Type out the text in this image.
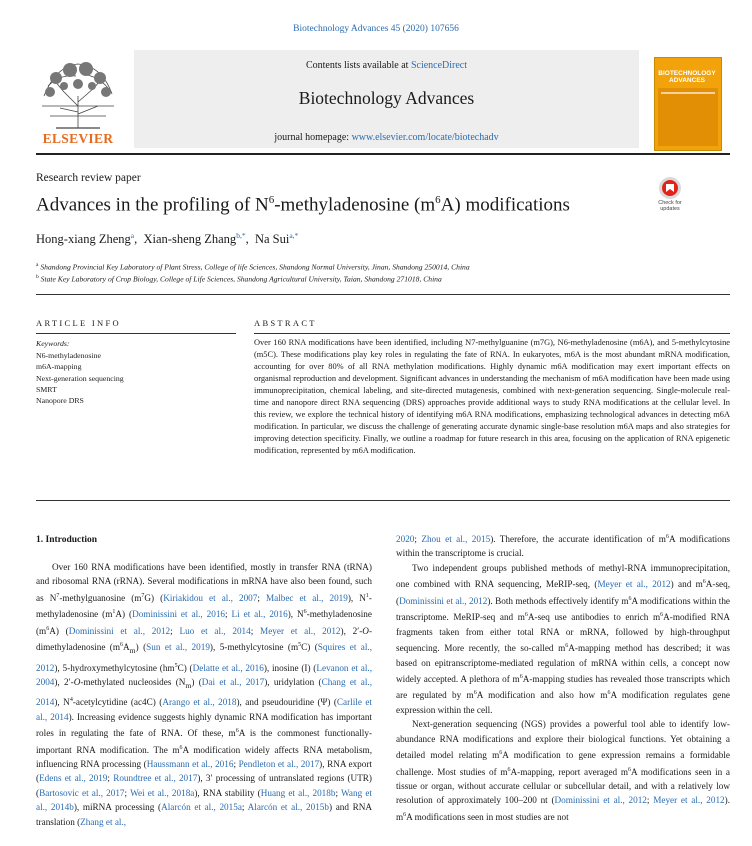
Biotechnology Advances 45 (2020) 107656
ELSEVIER
Contents lists available at ScienceDirect
Biotechnology Advances
journal homepage: www.elsevier.com/locate/biotechadv
BIOTECHNOLOGY ADVANCES
Research review paper
Advances in the profiling of $N^6$-methyladenosine $(m^6A)$ modifications	Check for updates
Hong-xiang Zheng$^a$,  Xian-sheng Zhang$^{b,*}$,  Na Sui$^{a,*}$
$^a$ Shandong Provincial Key Laboratory of Plant Stress, College of life Sciences, Shandong Normal University, Jinan, Shandong 250014, China
$^b$ State Key Laboratory of Crop Biology, College of Life Sciences, Shandong Agricultural University, Taian, Shandong 271018, China
ARTICLE INFO	ABSTRACT
Keywords:
N6-methyladenosine
m6A-mapping
Next-generation sequencing
SMRT
Nanopore DRS
Over 160 RNA modifications have been identified, including N7-methylguanine (m7G), N6-methyladenosine (m6A), and 5-methylcytosine (m5C). These modifications play key roles in regulating the fate of RNA. In eukaryotes, m6A is the most abundant mRNA modification, accounting for over 80% of all RNA methylation modifications. Highly dynamic m6A modification may exert important effects on organismal reproduction and development. Significant advances in understanding the mechanism of m6A modification have been made using immunoprecipitation, chemical labeling, and site-directed mutagenesis, combined with next-generation sequencing. Single-molecule real-time and nanopore direct RNA sequencing (DRS) approaches provide additional ways to study RNA modifications at the cellular level. In this review, we explore the technical history of identifying m6A RNA modifications, emphasizing technological advances in detecting m6A modification. In particular, we discuss the challenge of generating accurate dynamic single-base resolution m6A maps and also strategies for improving detection specificity. Finally, we outline a roadmap for future research in this area, focusing on the application of RNA epigenetic modification, represented by m6A modification.
1. Introduction

Over 160 RNA modifications have been identified, mostly in transfer RNA (tRNA) and ribosomal RNA (rRNA). Several modifications in mRNA have also been found, such as $N^7$-methylguanosine $(m^7G)$ (Kiriakidou et al., 2007; Malbec et al., 2019), $N^1$-methyladenosine $(m^1A)$ (Dominissini et al., 2016; Li et al., 2016), $N^6$-methyladenosine $(m^6A)$ (Dominissini et al., 2012; Luo et al., 2014; Meyer et al., 2012), 2′-O-dimethyladenosine $(m^6A_m)$ (Sun et al., 2019), 5-methylcytosine $(m^5C)$ (Squires et al., 2012), 5-hydroxymethylcytosine $(hm^5C)$ (Delatte et al., 2016), inosine (I) (Levanon et al., 2004), 2′-O-methylated nucleosides $(N_m)$ (Dai et al., 2017), uridylation (Chang et al., 2014), $N^4$-acetylcytidine (ac4C) (Arango et al., 2018), and pseudouridine (Ψ) (Carlile et al., 2014). Increasing evidence suggests highly dynamic RNA modification has important roles in regulating the fate of RNA. Of these, $m^6A$ is the commonest functionally-important RNA modification. The $m^6A$ modification widely affects RNA metabolism, influencing RNA processing (Haussmann et al., 2016; Pendleton et al., 2017), RNA export (Edens et al., 2019; Roundtree et al., 2017), 3′ processing of untranslated regions (UTR) (Bartosovic et al., 2017; Wei et al., 2018a), RNA stability (Huang et al., 2018b; Wang et al., 2014b), miRNA processing (Alarcón et al., 2015a; Alarcón et al., 2015b) and RNA translation (Zhang et al.,

2020; Zhou et al., 2015). Therefore, the accurate identification of $m^6A$ modifications within the transcriptome is crucial.

Two independent groups published methods of methyl-RNA immunoprecipitation, one combined with RNA sequencing, MeRIP-seq, (Meyer et al., 2012) and $m^6A$-seq, (Dominissini et al., 2012). Both methods effectively identify $m^6A$ modifications within the transcriptome. MeRIP-seq and $m^6A$-seq use antibodies to enrich $m^6A$-modified RNA fragments taken from either total RNA or mRNA, followed by high-throughput sequencing. More recently, the so-called $m^6A$-mapping method has described; it was based on epitranscriptome-mediated regulation of mRNA within cells, a concept now widely accepted. A plethora of $m^6A$-mapping studies has revealed those transcripts which are regulated by $m^6A$ modification and also how $m^6A$ modification regulates gene expression within the cell.

Next-generation sequencing (NGS) provides a powerful tool able to identify low-abundance RNA modifications and explore their biological functions. Yet obtaining a detailed model relating $m^6A$ modification to gene expression remains a formidable challenge. Most studies of $m^6A$-mapping, report averaged $m^6A$ modifications seen in a tissue or organ, without accurate cellular or subcellular detail, and with a relatively low resolution of approximately 100–200 nt (Dominissini et al., 2012; Meyer et al., 2012). $m^6A$ modifications seen in most studies are not
